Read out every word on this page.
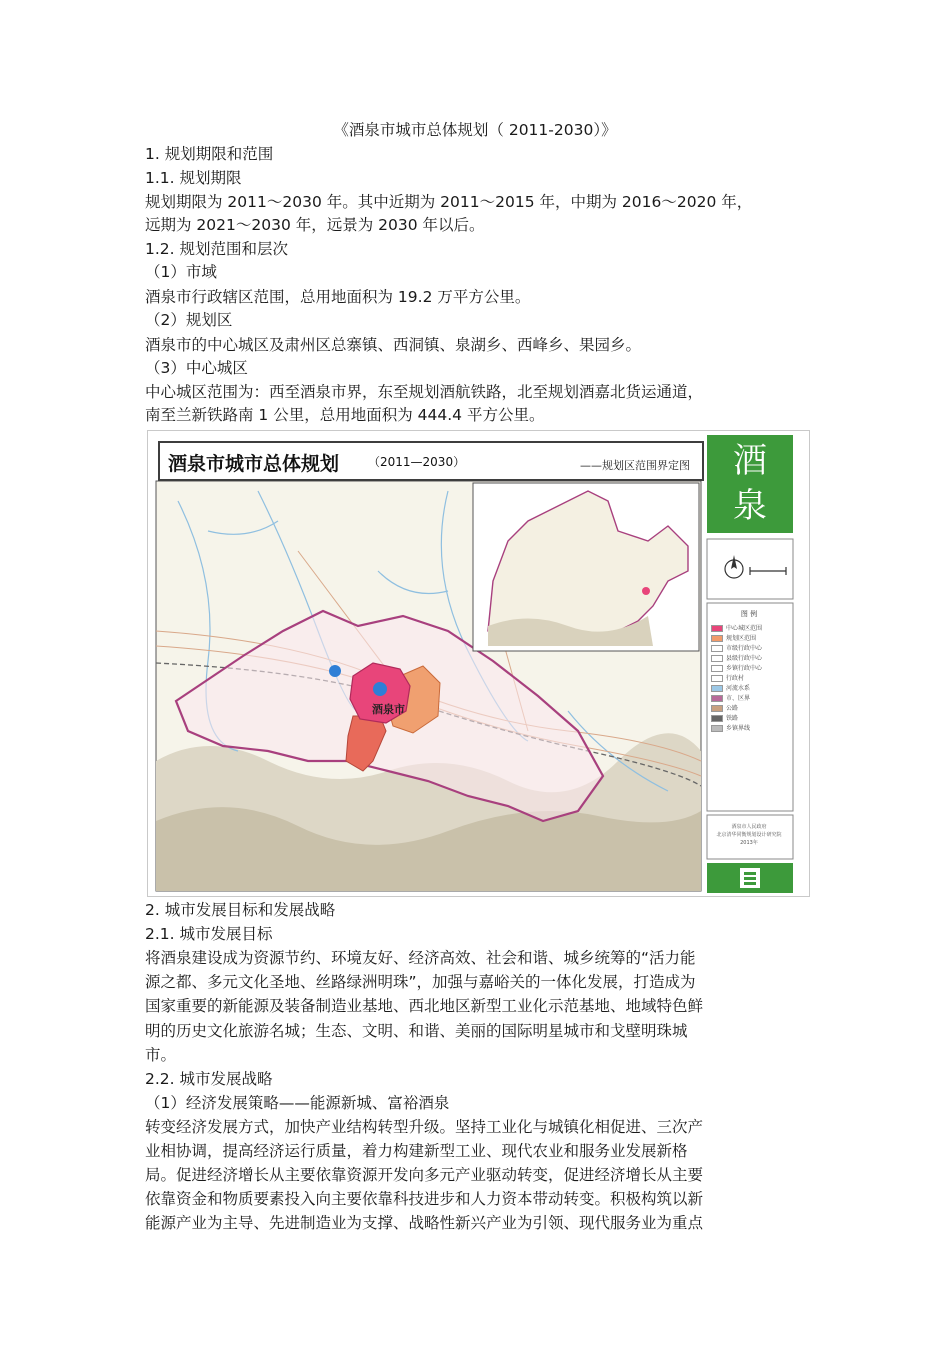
《酒泉市城市总体规划（ 2011-2030）》
1. 规划期限和范围
1.1. 规划期限
规划期限为 2011～2030 年。其中近期为 2011～2015 年，中期为 2016～2020 年，
远期为 2021～2030 年，远景为 2030 年以后。
1.2. 规划范围和层次
（1）市域
酒泉市行政辖区范围，总用地面积为 19.2 万平方公里。
（2）规划区
酒泉市的中心城区及肃州区总寨镇、西洞镇、泉湖乡、西峰乡、果园乡。
（3）中心城区
中心城区范围为：西至酒泉市界，东至规划酒航铁路，北至规划酒嘉北货运通道，
南至兰新铁路南 1 公里，总用地面积为 444.4 平方公里。
酒泉市城市总体规划 （2011—2030）	——规划区范围界定图	酒
泉
酒泉市
图 例
中心城区范围
规划区范围
市级行政中心
县级行政中心
乡镇行政中心
行政村
河流水系
市、区界
公路
铁路
乡镇界线
酒泉市人民政府
北京清华同衡规划设计研究院
2013年
2. 城市发展目标和发展战略
2.1. 城市发展目标
将酒泉建设成为资源节约、环境友好、经济高效、社会和谐、城乡统筹的“活力能
源之都、多元文化圣地、丝路绿洲明珠”，加强与嘉峪关的一体化发展，打造成为
国家重要的新能源及装备制造业基地、西北地区新型工业化示范基地、地域特色鲜
明的历史文化旅游名城；生态、文明、和谐、美丽的国际明星城市和戈壁明珠城
市。
2.2. 城市发展战略
（1）经济发展策略——能源新城、富裕酒泉
转变经济发展方式，加快产业结构转型升级。坚持工业化与城镇化相促进、三次产
业相协调，提高经济运行质量，着力构建新型工业、现代农业和服务业发展新格
局。促进经济增长从主要依靠资源开发向多元产业驱动转变，促进经济增长从主要
依靠资金和物质要素投入向主要依靠科技进步和人力资本带动转变。积极构筑以新
能源产业为主导、先进制造业为支撑、战略性新兴产业为引领、现代服务业为重点
